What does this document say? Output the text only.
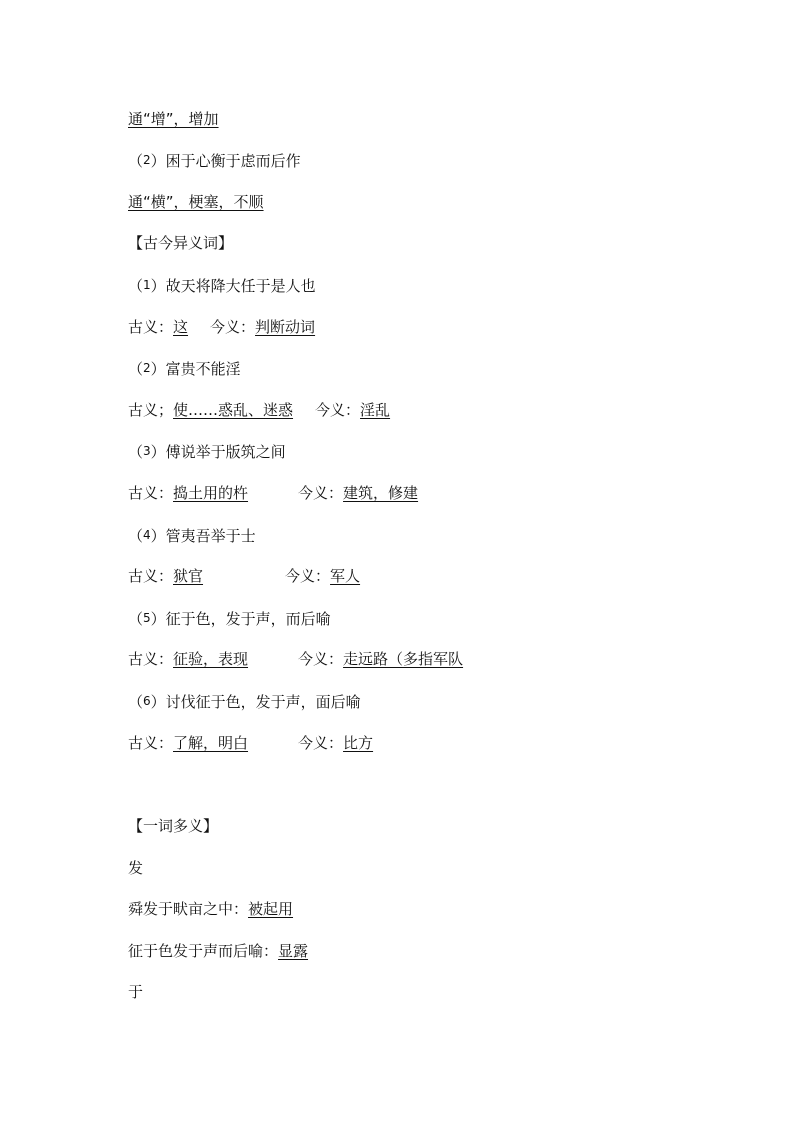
通“增”，增加
（2）困于心衡于虑而后作
通“横”，梗塞，不顺
【古今异义词】
（1）故天将降大任于是人也
古义：这 今义：判断动词
（2）富贵不能淫
古义；使……惑乱、迷惑 今义：淫乱
（3）傅说举于版筑之间
古义：捣土用的杵	今义：建筑，修建
（4）管夷吾举于士
古义：狱官	今义：军人
（5）征于色，发于声，而后喻
古义：征验，表现	今义：走远路（多指军队
（6）讨伐征于色，发于声，面后喻
古义：了解，明白	今义：比方
【一词多义】
发
舜发于畎亩之中：被起用
征于色发于声而后喻：显露
于
